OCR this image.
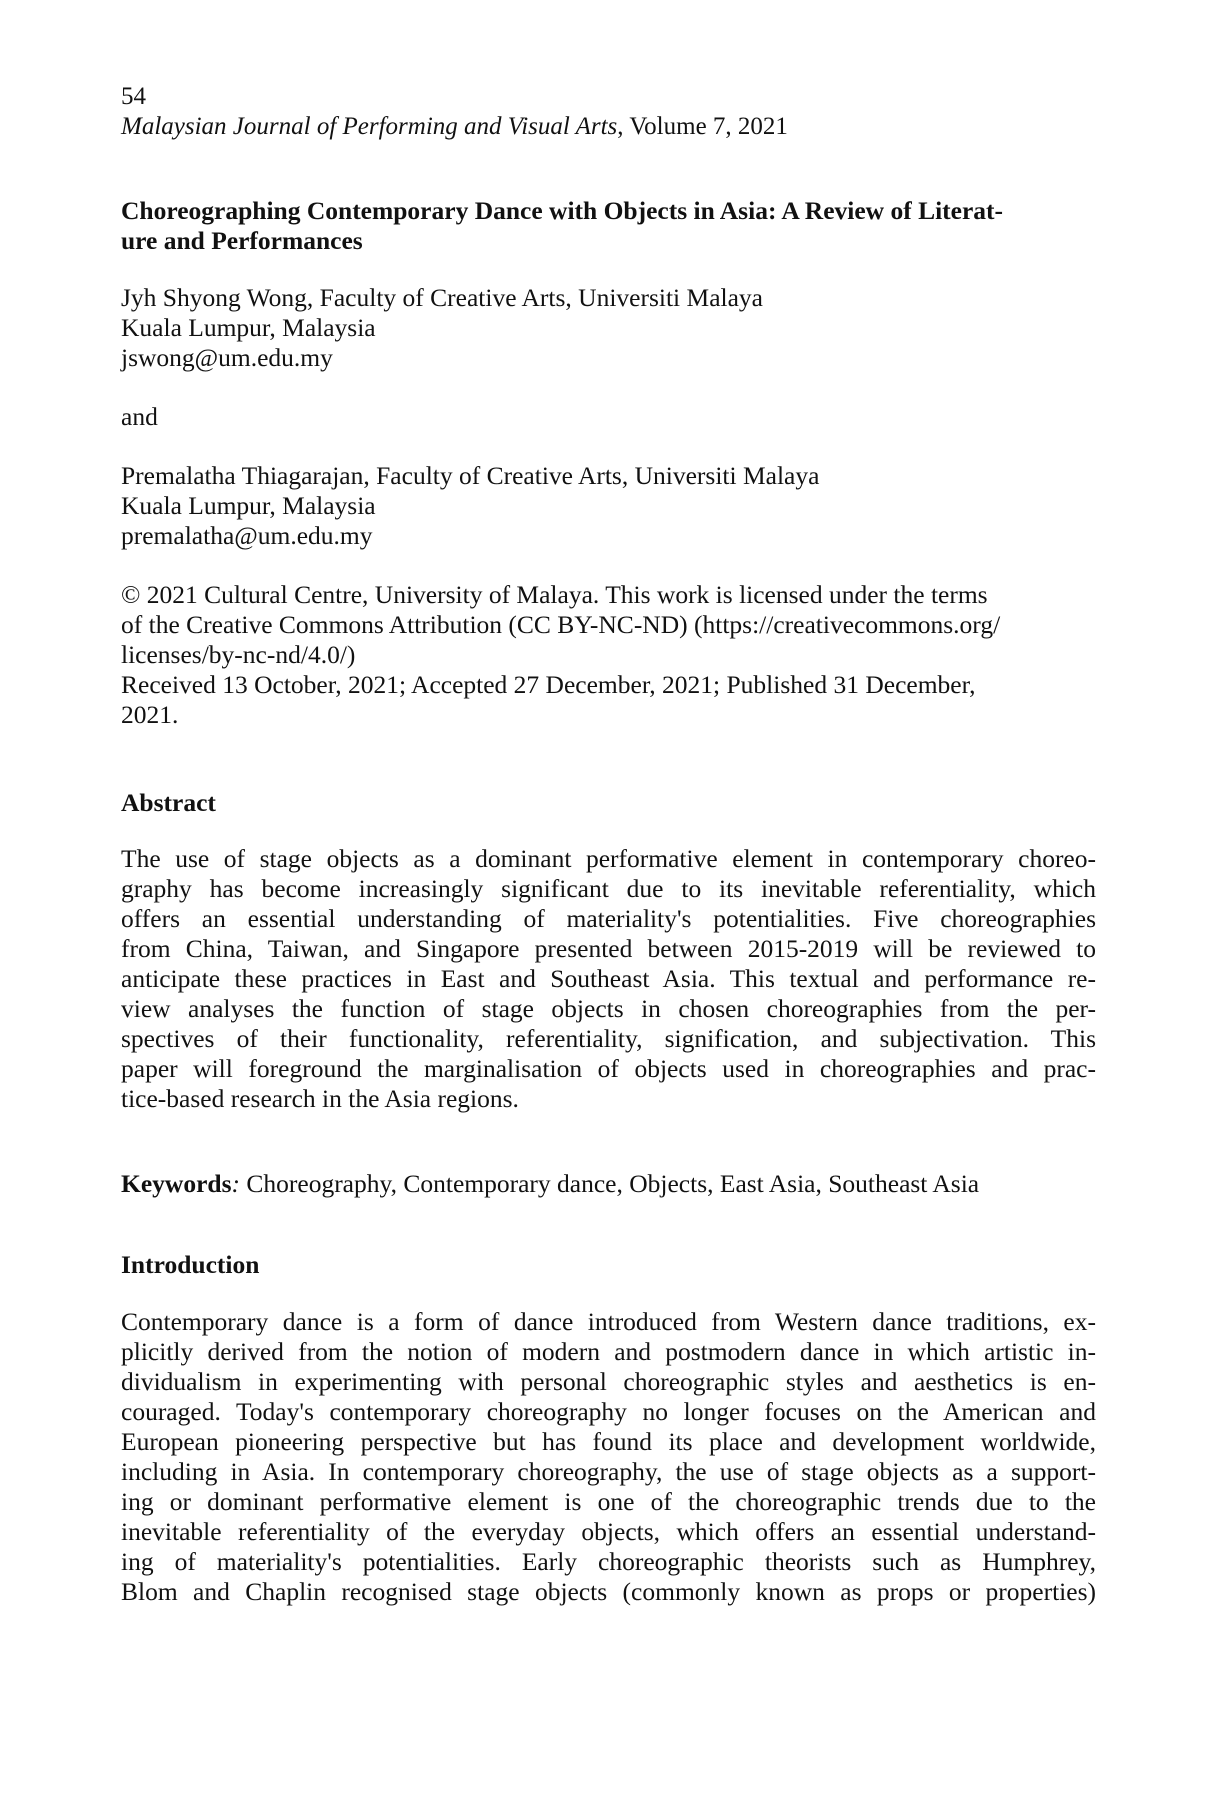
54
Malaysian Journal of Performing and Visual Arts, Volume 7, 2021
Choreographing Contemporary Dance with Objects in Asia: A Review of Literat-
ure and Performances
Jyh Shyong Wong, Faculty of Creative Arts, Universiti Malaya
Kuala Lumpur, Malaysia
jswong@um.edu.my
and
Premalatha Thiagarajan, Faculty of Creative Arts, Universiti Malaya
Kuala Lumpur, Malaysia
premalatha@um.edu.my
© 2021 Cultural Centre, University of Malaya. This work is licensed under the terms
of the Creative Commons Attribution (CC BY-NC-ND) (https://creativecommons.org/
licenses/by-nc-nd/4.0/)
Received 13 October, 2021; Accepted 27 December, 2021; Published 31 December,
2021.
Abstract
The use of stage objects as a dominant performative element in contemporary choreo-
graphy has become increasingly significant due to its inevitable referentiality, which
offers an essential understanding of materiality's potentialities. Five choreographies
from China, Taiwan, and Singapore presented between 2015-2019 will be reviewed to
anticipate these practices in East and Southeast Asia. This textual and performance re-
view analyses the function of stage objects in chosen choreographies from the per-
spectives of their functionality, referentiality, signification, and subjectivation. This
paper will foreground the marginalisation of objects used in choreographies and prac-
tice-based research in the Asia regions.
Keywords: Choreography, Contemporary dance, Objects, East Asia, Southeast Asia
Introduction
Contemporary dance is a form of dance introduced from Western dance traditions, ex-
plicitly derived from the notion of modern and postmodern dance in which artistic in-
dividualism in experimenting with personal choreographic styles and aesthetics is en-
couraged. Today's contemporary choreography no longer focuses on the American and
European pioneering perspective but has found its place and development worldwide,
including in Asia. In contemporary choreography, the use of stage objects as a support-
ing or dominant performative element is one of the choreographic trends due to the
inevitable referentiality of the everyday objects, which offers an essential understand-
ing of materiality's potentialities. Early choreographic theorists such as Humphrey,
Blom and Chaplin recognised stage objects (commonly known as props or properties)
